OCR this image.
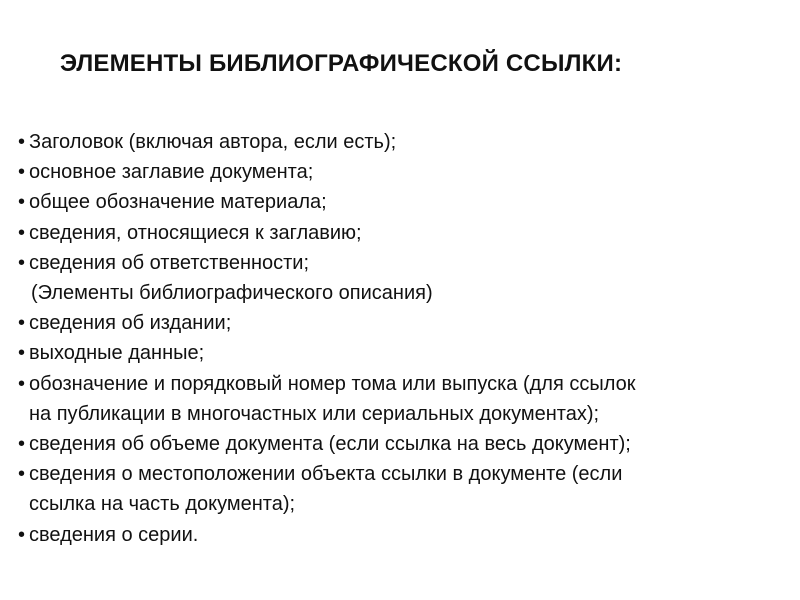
ЭЛЕМЕНТЫ БИБЛИОГРАФИЧЕСКОЙ ССЫЛКИ:
• Заголовок (включая автора, если есть);
• основное заглавие документа;
• общее обозначение материала;
• сведения, относящиеся к заглавию;
• сведения об ответственности;
(Элементы библиографического описания)
• сведения об издании;
• выходные данные;
• обозначение и порядковый номер тома или выпуска (для ссылок
на публикации в многочастных или сериальных документах);
• сведения об объеме документа (если ссылка на весь документ);
• сведения о местоположении объекта ссылки в документе (если
ссылка на часть документа);
• сведения о серии.
